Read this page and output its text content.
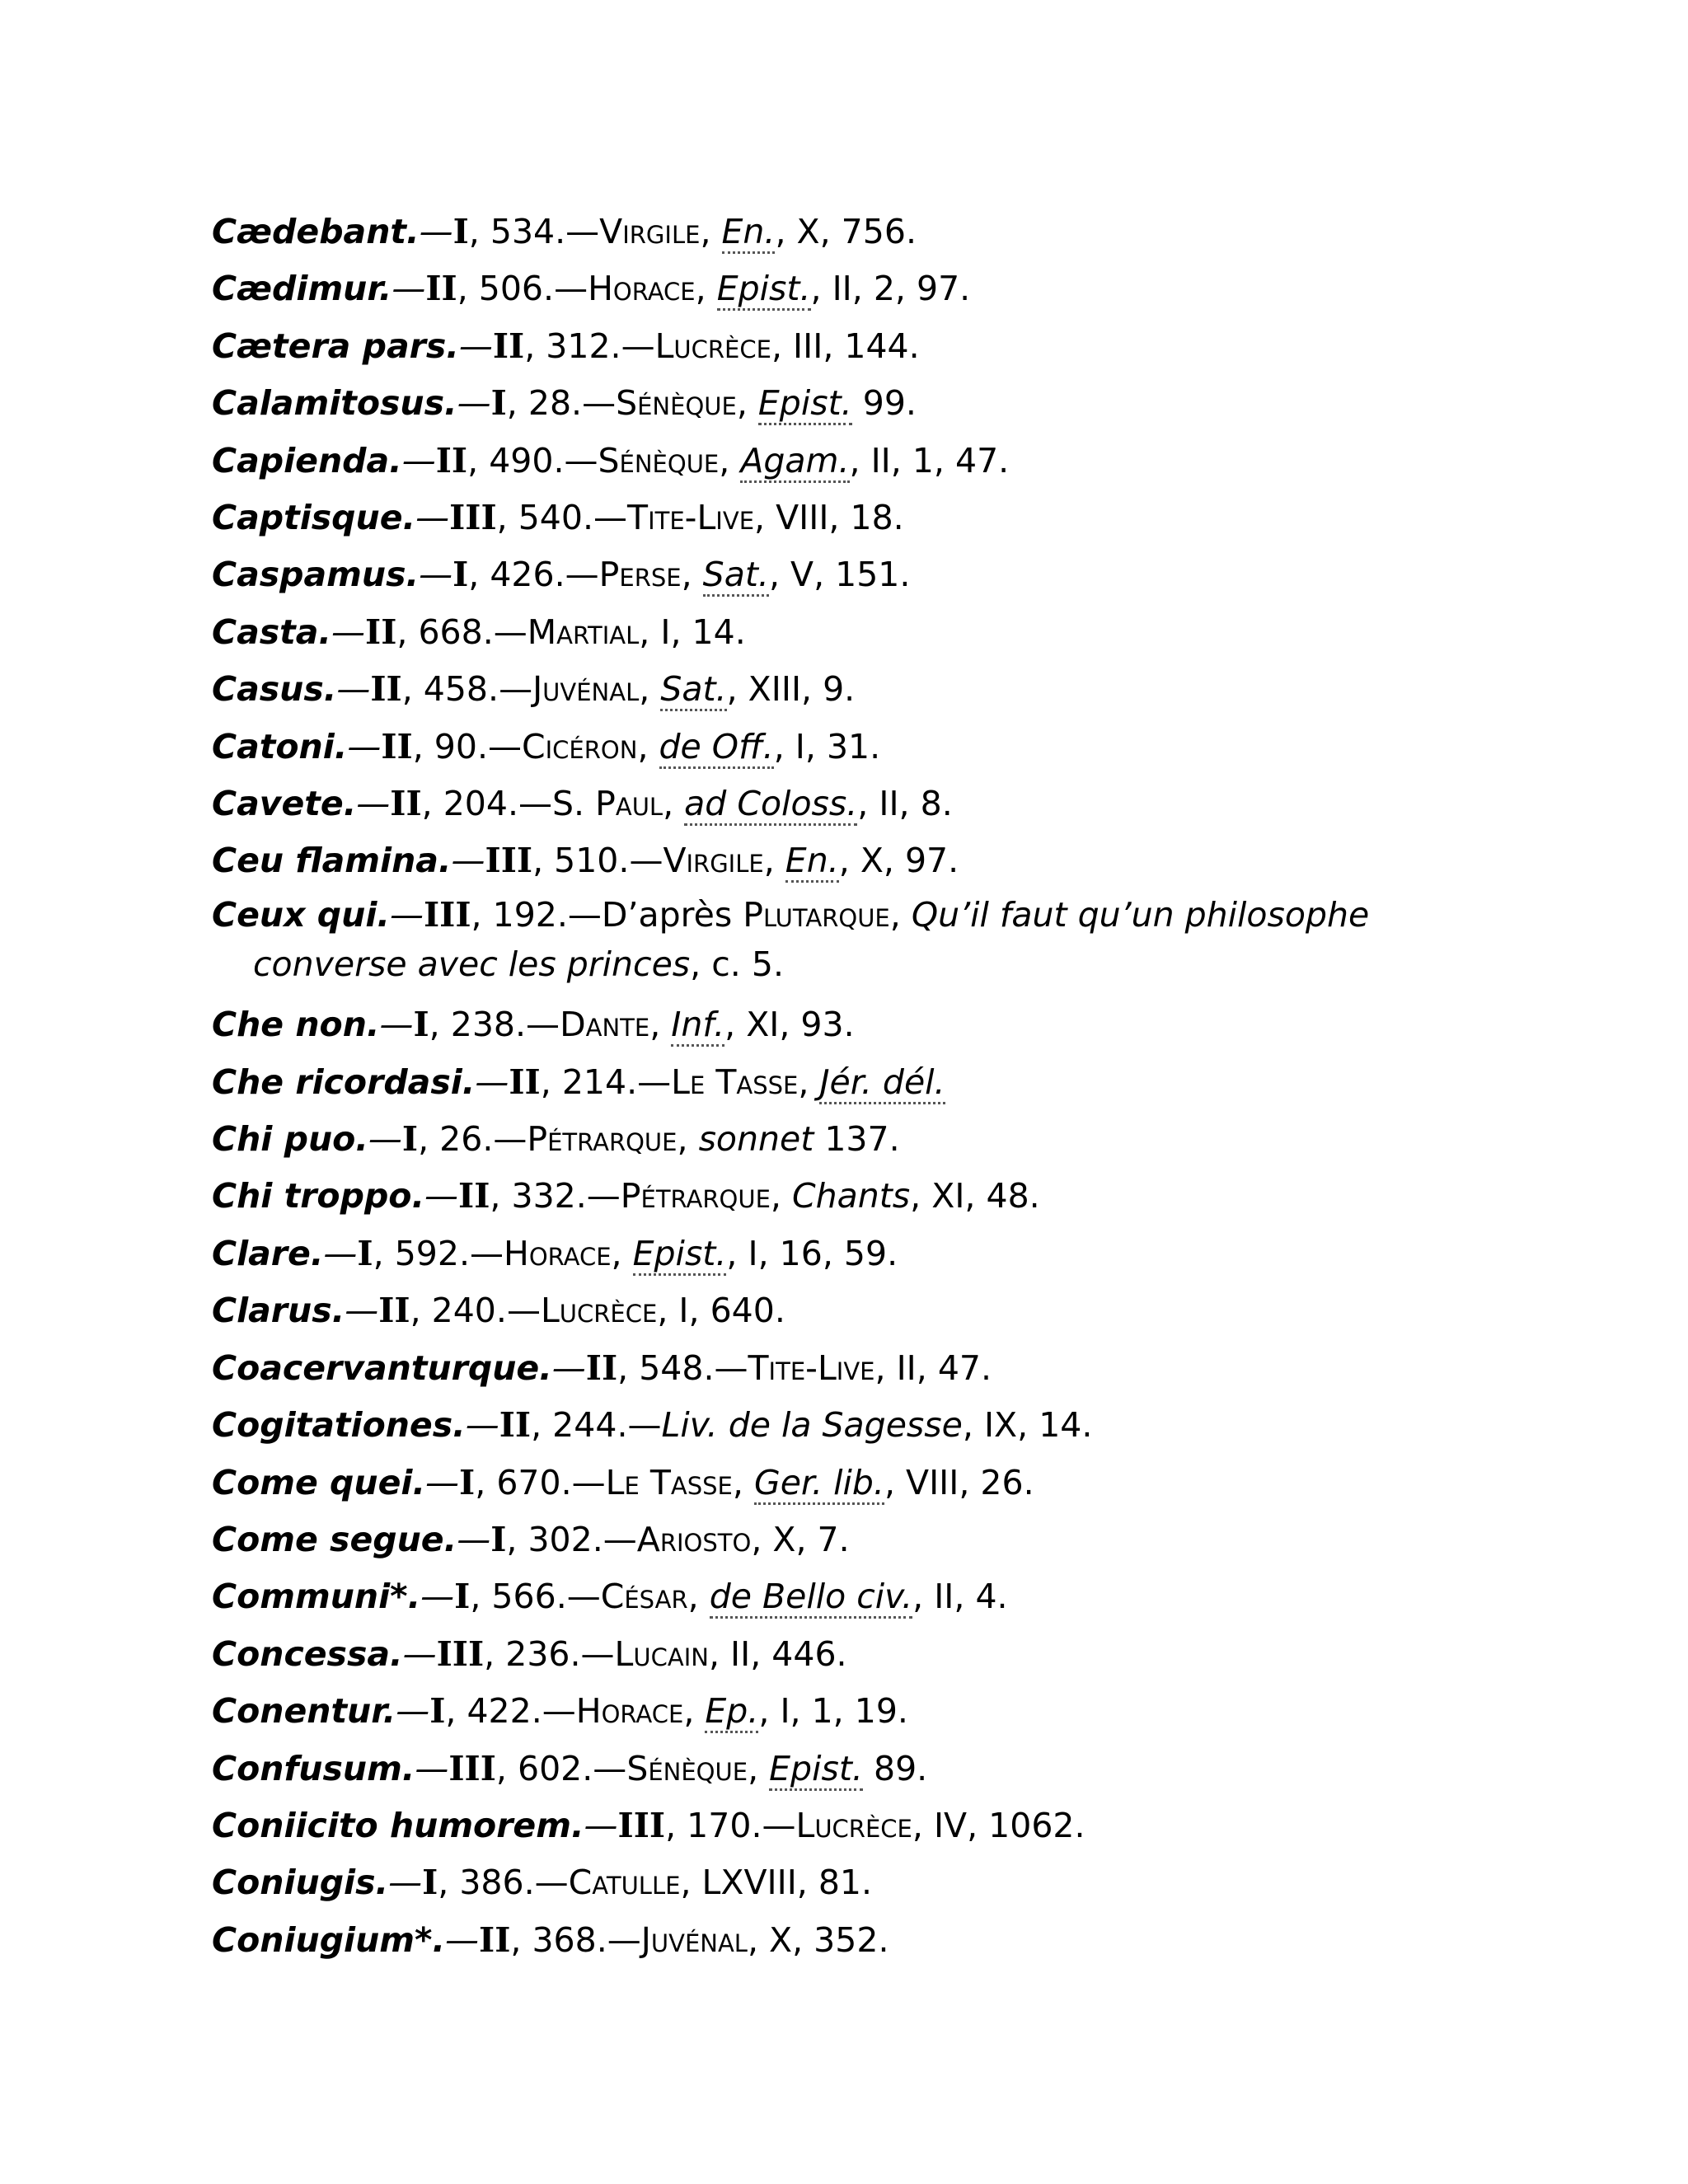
Cædebant.—I, 534.—Virgile, En., X, 756.
Cædimur.—II, 506.—Horace, Epist., II, 2, 97.
Cætera pars.—II, 312.—Lucrèce, III, 144.
Calamitosus.—I, 28.—Sénèque, Epist. 99.
Capienda.—II, 490.—Sénèque, Agam., II, 1, 47.
Captisque.—III, 540.—Tite-Live, VIII, 18.
Caspamus.—I, 426.—Perse, Sat., V, 151.
Casta.—II, 668.—Martial, I, 14.
Casus.—II, 458.—Juvénal, Sat., XIII, 9.
Catoni.—II, 90.—Cicéron, de Off., I, 31.
Cavete.—II, 204.—S. Paul, ad Coloss., II, 8.
Ceu flamina.—III, 510.—Virgile, En., X, 97.
Ceux qui.—III, 192.—D’après Plutarque, Qu’il faut qu’un philosophe converse avec les princes, c. 5.
Che non.—I, 238.—Dante, Inf., XI, 93.
Che ricordasi.—II, 214.—Le Tasse, Jér. dél.
Chi puo.—I, 26.—Pétrarque, sonnet 137.
Chi troppo.—II, 332.—Pétrarque, Chants, XI, 48.
Clare.—I, 592.—Horace, Epist., I, 16, 59.
Clarus.—II, 240.—Lucrèce, I, 640.
Coacervanturque.—II, 548.—Tite-Live, II, 47.
Cogitationes.—II, 244.—Liv. de la Sagesse, IX, 14.
Come quei.—I, 670.—Le Tasse, Ger. lib., VIII, 26.
Come segue.—I, 302.—Ariosto, X, 7.
Communi*.—I, 566.—César, de Bello civ., II, 4.
Concessa.—III, 236.—Lucain, II, 446.
Conentur.—I, 422.—Horace, Ep., I, 1, 19.
Confusum.—III, 602.—Sénèque, Epist. 89.
Coniicito humorem.—III, 170.—Lucrèce, IV, 1062.
Coniugis.—I, 386.—Catulle, LXVIII, 81.
Coniugium*.—II, 368.—Juvénal, X, 352.
